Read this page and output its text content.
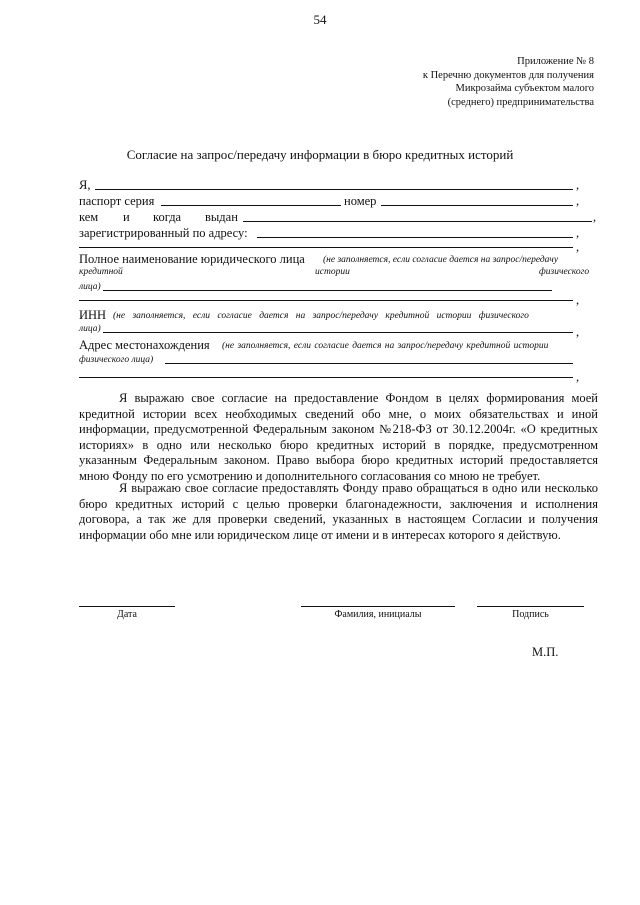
54
Приложение № 8
к Перечню документов для получения
Микрозайма субъектом малого
(среднего) предпринимательства
Согласие на запрос/передачу информации в бюро кредитных историй
Я,	,
паспорт серия	номер	,
кем и когда выдан	,
зарегистрированный по адресу:	,
,
Полное наименование юридического лица (не заполняется, если согласие дается на запрос/передачу
кредитной	истории	физического
лица)
,
ИНН (не заполняется, если согласие дается на запрос/передачу кредитной истории физического
лица)	,
Адрес местонахождения (не заполняется, если согласие дается на запрос/передачу кредитной истории
физического лица)
,
Я выражаю свое согласие на предоставление Фондом в целях формирования моей кредитной истории всех необходимых сведений обо мне, о моих обязательствах и иной информации, предусмотренной Федеральным законом №218-ФЗ от 30.12.2004г. «О кредитных историях» в одно или несколько бюро кредитных историй в порядке, предусмотренном указанным Федеральным законом. Право выбора бюро кредитных историй предоставляется мною Фонду по его усмотрению и дополнительного согласования со мною не требует.
Я выражаю свое согласие предоставлять Фонду право обращаться в одно или несколько бюро кредитных историй с целью проверки благонадежности, заключения и исполнения договора, а так же для проверки сведений, указанных в настоящем Согласии и получения информации обо мне или юридическом лице от имени и в интересах которого я действую.
Дата	Фамилия, инициалы	Подпись
М.П.
